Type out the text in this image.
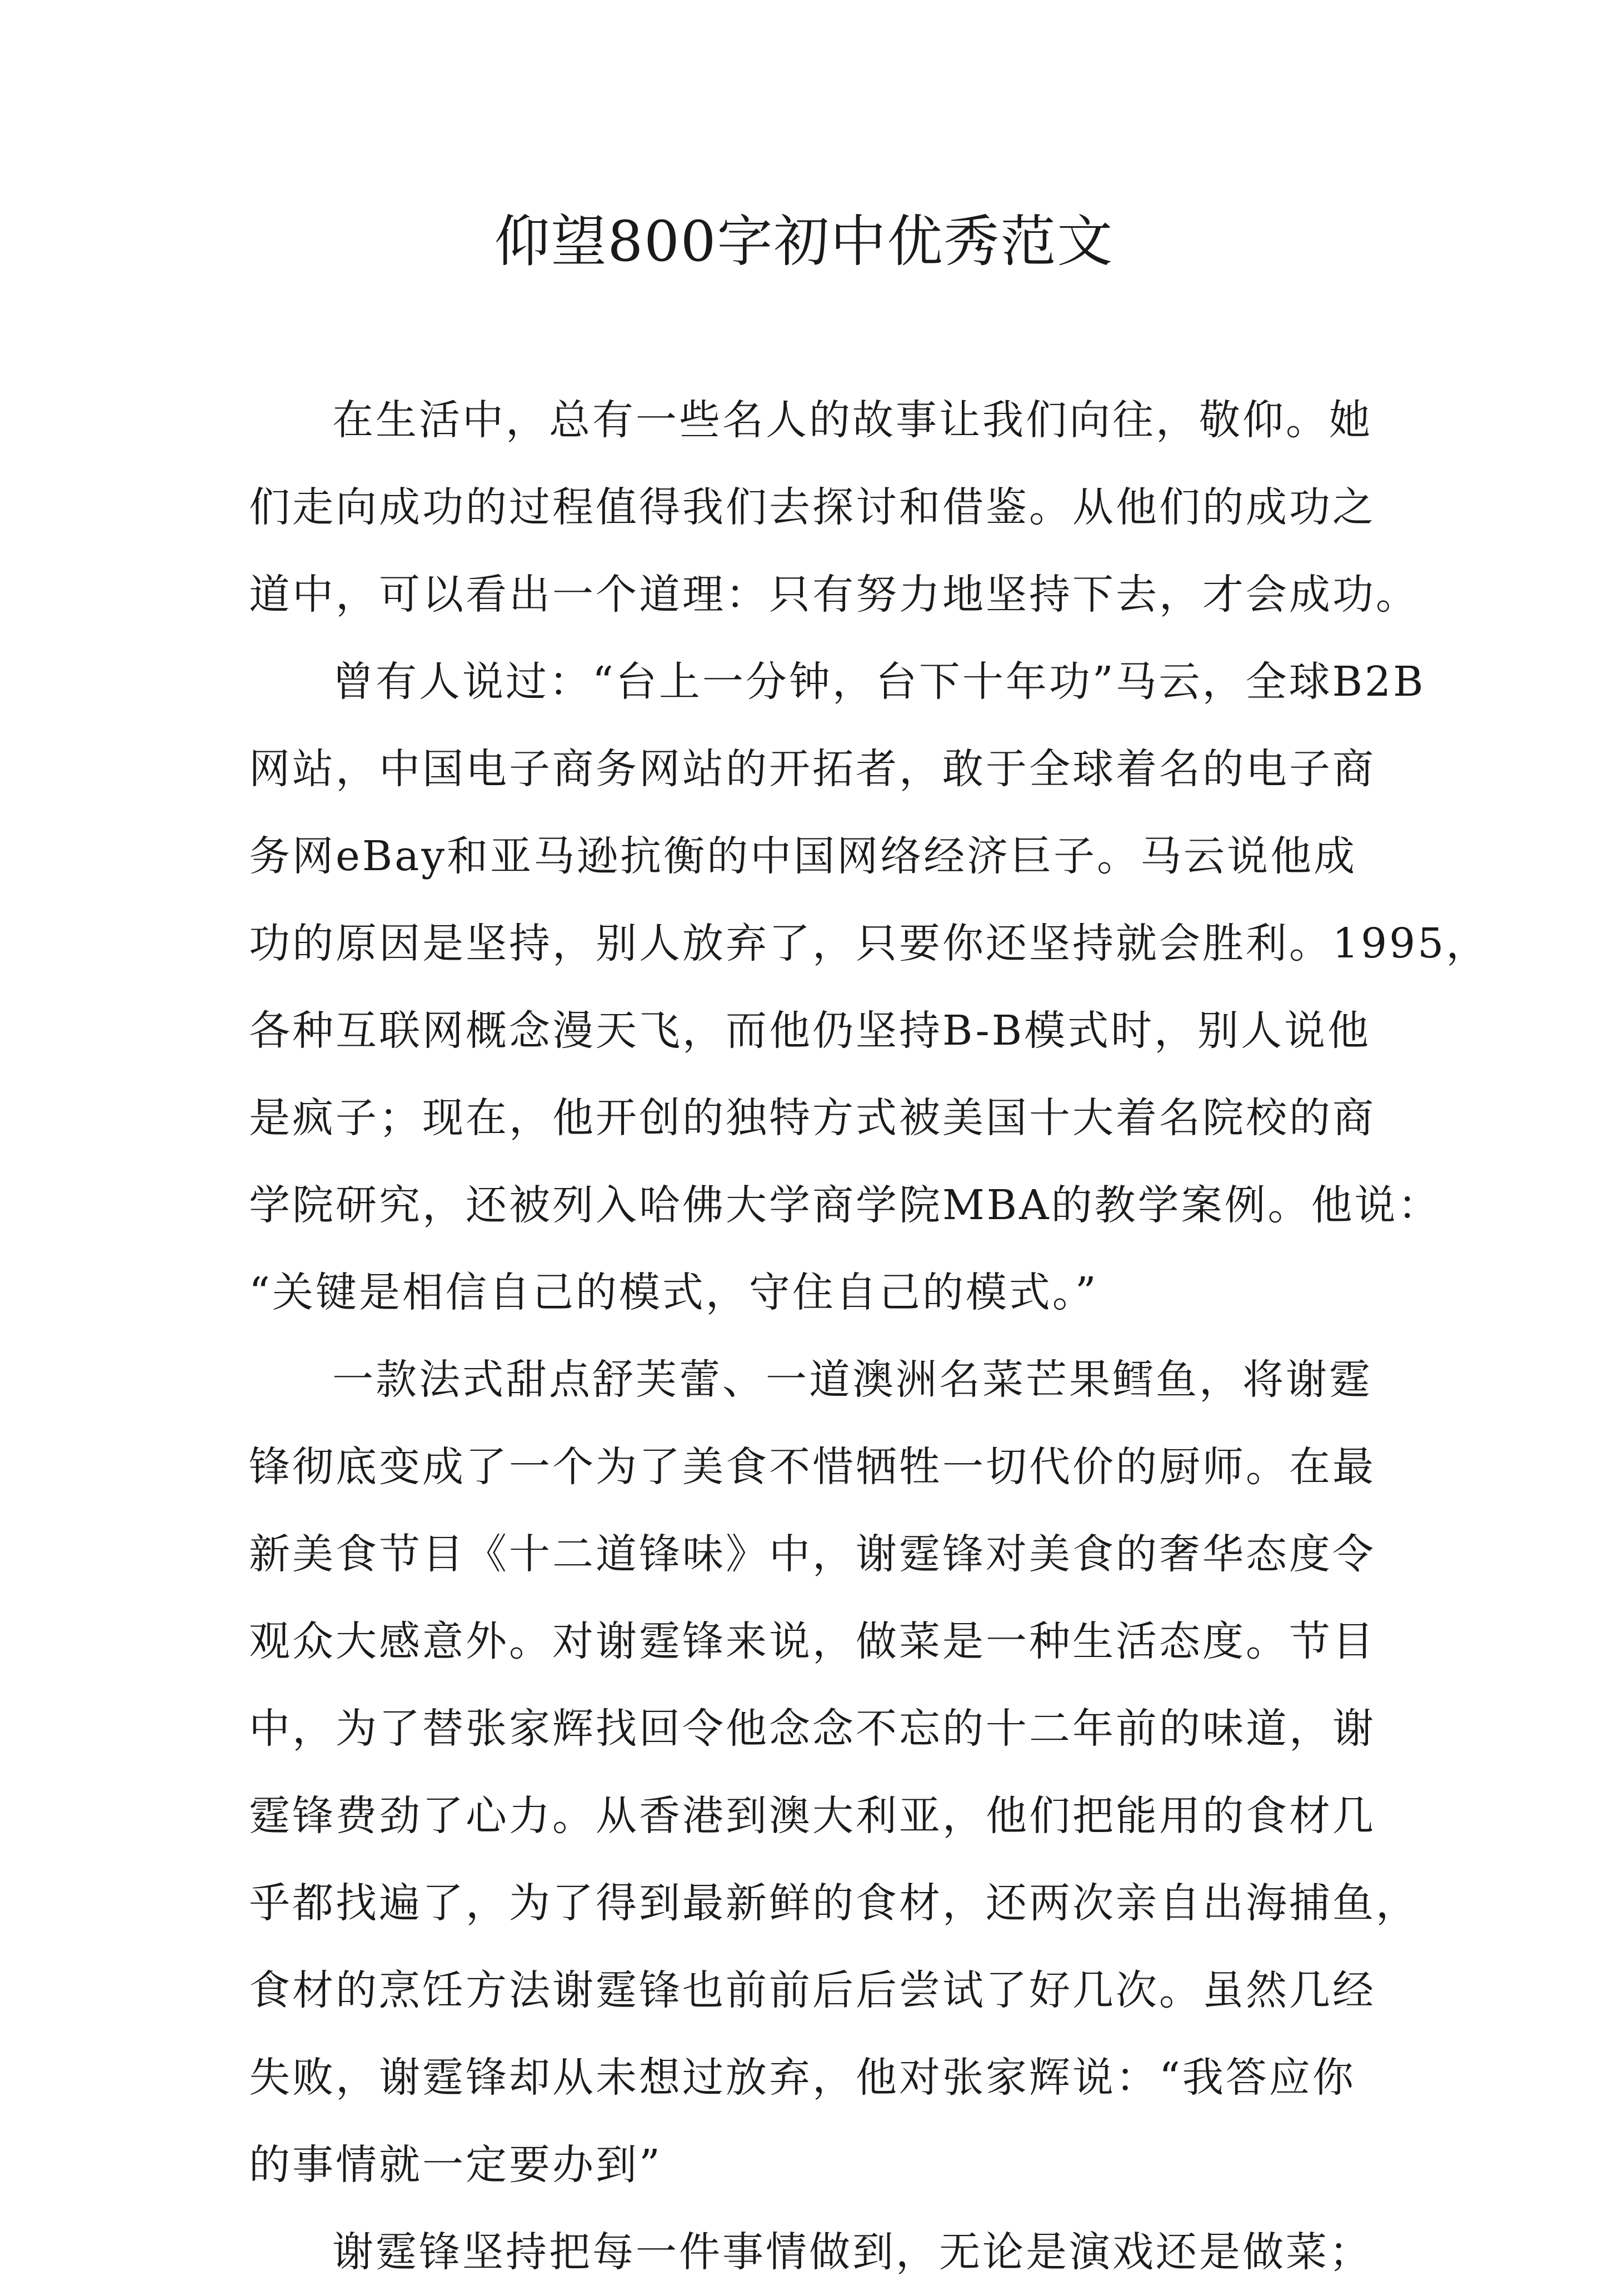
仰望800字初中优秀范文
在生活中，总有一些名人的故事让我们向往，敬仰。她
们走向成功的过程值得我们去探讨和借鉴。从他们的成功之
道中，可以看出一个道理：只有努力地坚持下去，才会成功。
曾有人说过：“台上一分钟，台下十年功”马云，全球B2B
网站，中国电子商务网站的开拓者，敢于全球着名的电子商
务网eBay和亚马逊抗衡的中国网络经济巨子。马云说他成
功的原因是坚持，别人放弃了，只要你还坚持就会胜利。1995，
各种互联网概念漫天飞，而他仍坚持B-B模式时，别人说他
是疯子；现在，他开创的独特方式被美国十大着名院校的商
学院研究，还被列入哈佛大学商学院MBA的教学案例。他说：
“关键是相信自己的模式，守住自己的模式。”
一款法式甜点舒芙蕾、一道澳洲名菜芒果鳕鱼，将谢霆
锋彻底变成了一个为了美食不惜牺牲一切代价的厨师。在最
新美食节目《十二道锋味》中，谢霆锋对美食的奢华态度令
观众大感意外。对谢霆锋来说，做菜是一种生活态度。节目
中，为了替张家辉找回令他念念不忘的十二年前的味道，谢
霆锋费劲了心力。从香港到澳大利亚，他们把能用的食材几
乎都找遍了，为了得到最新鲜的食材，还两次亲自出海捕鱼，
食材的烹饪方法谢霆锋也前前后后尝试了好几次。虽然几经
失败，谢霆锋却从未想过放弃，他对张家辉说：“我答应你
的事情就一定要办到”
谢霆锋坚持把每一件事情做到，无论是演戏还是做菜；
